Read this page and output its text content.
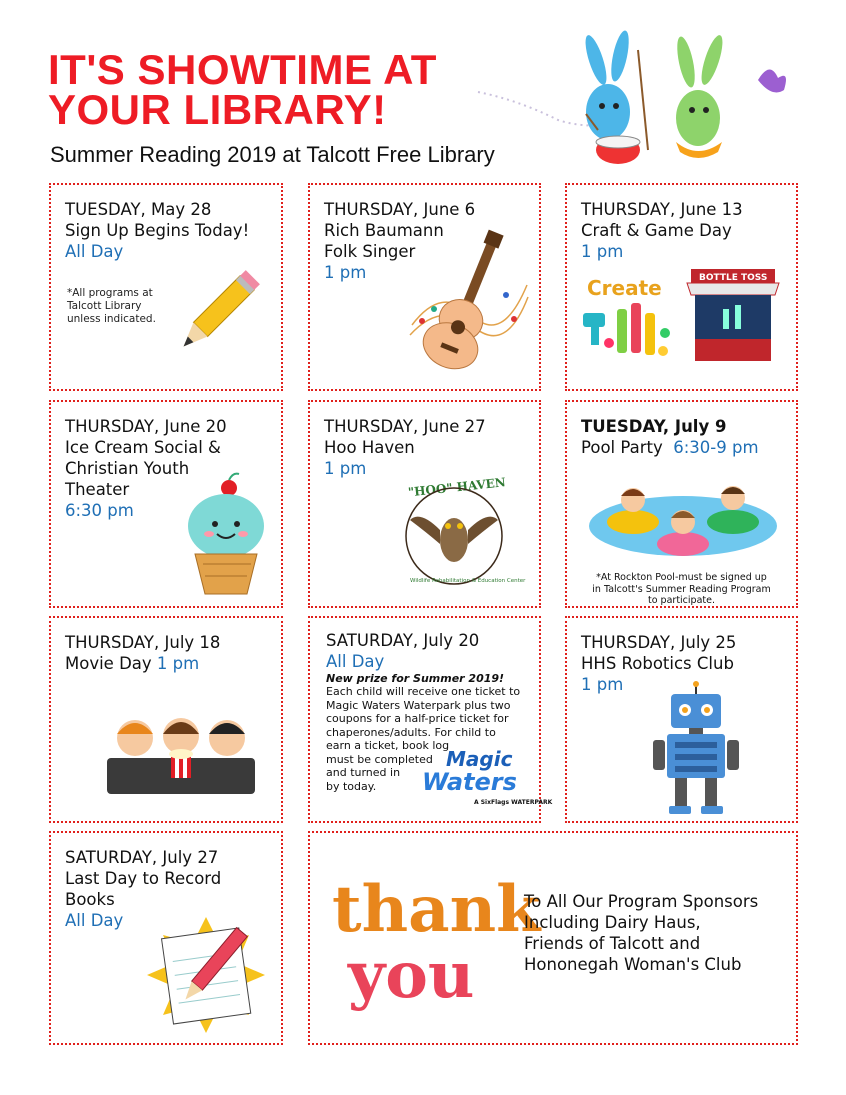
IT'S SHOWTIME AT
YOUR LIBRARY!
Summer Reading 2019 at Talcott Free Library
TUESDAY, May 28
Sign Up Begins Today!
All Day
*All programs at
Talcott Library
unless indicated.
THURSDAY, June 6
Rich Baumann
Folk Singer
1 pm
THURSDAY, June 13
Craft & Game Day
1 pm
Create	BOTTLE TOSS
THURSDAY, June 20
Ice Cream Social &
Christian Youth
Theater
6:30 pm
THURSDAY, June 27
Hoo Haven
1 pm
"HOO" HAVEN
Wildlife Rehabilitation & Education Center
TUESDAY, July 9
Pool Party 6:30-9 pm
*At Rockton Pool-must be signed up
in Talcott's Summer Reading Program
to participate.
THURSDAY, July 18
Movie Day 1 pm
SATURDAY, July 20
All Day
New prize for Summer 2019!
Each child will receive one ticket to
Magic Waters Waterpark plus two
coupons for a half-price ticket for
chaperones/adults. For child to
earn a ticket, book log
must be completed
and turned in
by today.
Magic
Waters
A SixFlags WATERPARK
THURSDAY, July 25
HHS Robotics Club
1 pm
SATURDAY, July 27
Last Day to Record
Books
All Day	thank
you
To All Our Program Sponsors
Including Dairy Haus,
Friends of Talcott and
Hononegah Woman's Club
